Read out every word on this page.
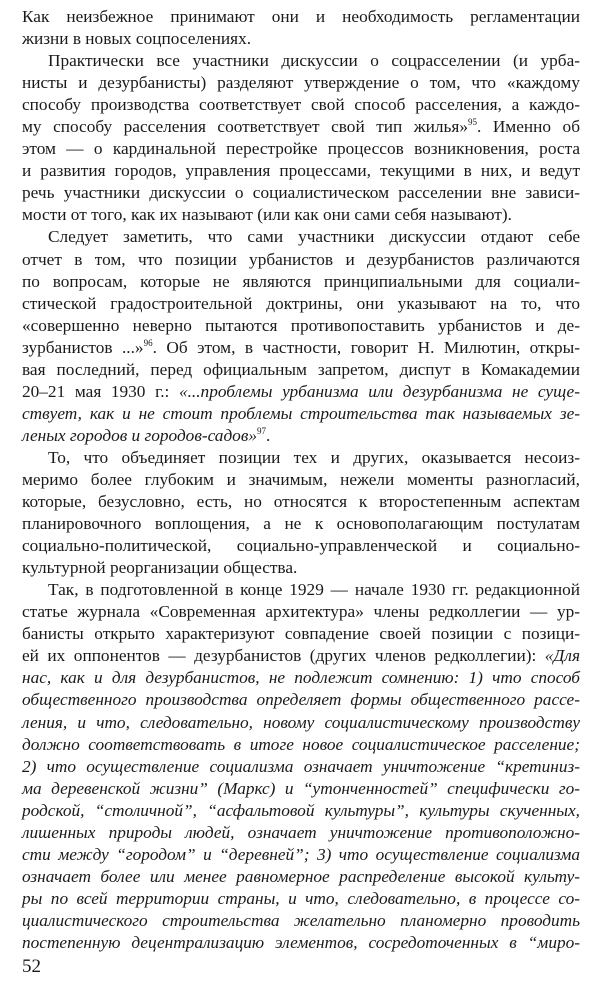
Как неизбежное принимают они и необходимость регламентации
жизни в новых соцпоселениях.
Практически все участники дискуссии о соцрасселении (и урба-
нисты и дезурбанисты) разделяют утверждение о том, что «каждому
способу производства соответствует свой способ расселения, а каждо-
му способу расселения соответствует свой тип жилья»$^{95}$. Именно об
этом — о кардинальной перестройке процессов возникновения, роста
и развития городов, управления процессами, текущими в них, и ведут
речь участники дискуссии о социалистическом расселении вне зависи-
мости от того, как их называют (или как они сами себя называют).
Следует заметить, что сами участники дискуссии отдают себе
отчет в том, что позиции урбанистов и дезурбанистов различаются
по вопросам, которые не являются принципиальными для социали-
стической градостроительной доктрины, они указывают на то, что
«совершенно неверно пытаются противопоставить урбанистов и де-
зурбанистов ...»$^{96}$. Об этом, в частности, говорит Н. Милютин, откры-
вая последний, перед официальным запретом, диспут в Комакадемии
20–21 мая 1930 г.: «...проблемы урбанизма или дезурбанизма не суще-
ствует, как и не стоит проблемы строительства так называемых зе-
леных городов и городов-садов»$^{97}$.
То, что объединяет позиции тех и других, оказывается несоиз-
меримо более глубоким и значимым, нежели моменты разногласий,
которые, безусловно, есть, но относятся к второстепенным аспектам
планировочного воплощения, а не к основополагающим постулатам
социально-политической, социально-управленческой и социально-
культурной реорганизации общества.
Так, в подготовленной в конце 1929 — начале 1930 гг. редакционной
статье журнала «Современная архитектура» члены редколлегии — ур-
банисты открыто характеризуют совпадение своей позиции с позици-
ей их оппонентов — дезурбанистов (других членов редколлегии): «Для
нас, как и для дезурбанистов, не подлежит сомнению: 1) что способ
общественного производства определяет формы общественного рассе-
ления, и что, следовательно, новому социалистическому производству
должно соответствовать в итоге новое социалистическое расселение;
2) что осуществление социализма означает уничтожение “кретиниз-
ма деревенской жизни” (Маркс) и “утонченностей” специфически го-
родской, “столичной”, “асфальтовой культуры”, культуры скученных,
лишенных природы людей, означает уничтожение противоположно-
сти между “городом” и “деревней”; 3) что осуществление социализма
означает более или менее равномерное распределение высокой культу-
ры по всей территории страны, и что, следовательно, в процессе со-
циалистического строительства желательно планомерно проводить
постепенную децентрализацию элементов, сосредоточенных в “миро-
52
